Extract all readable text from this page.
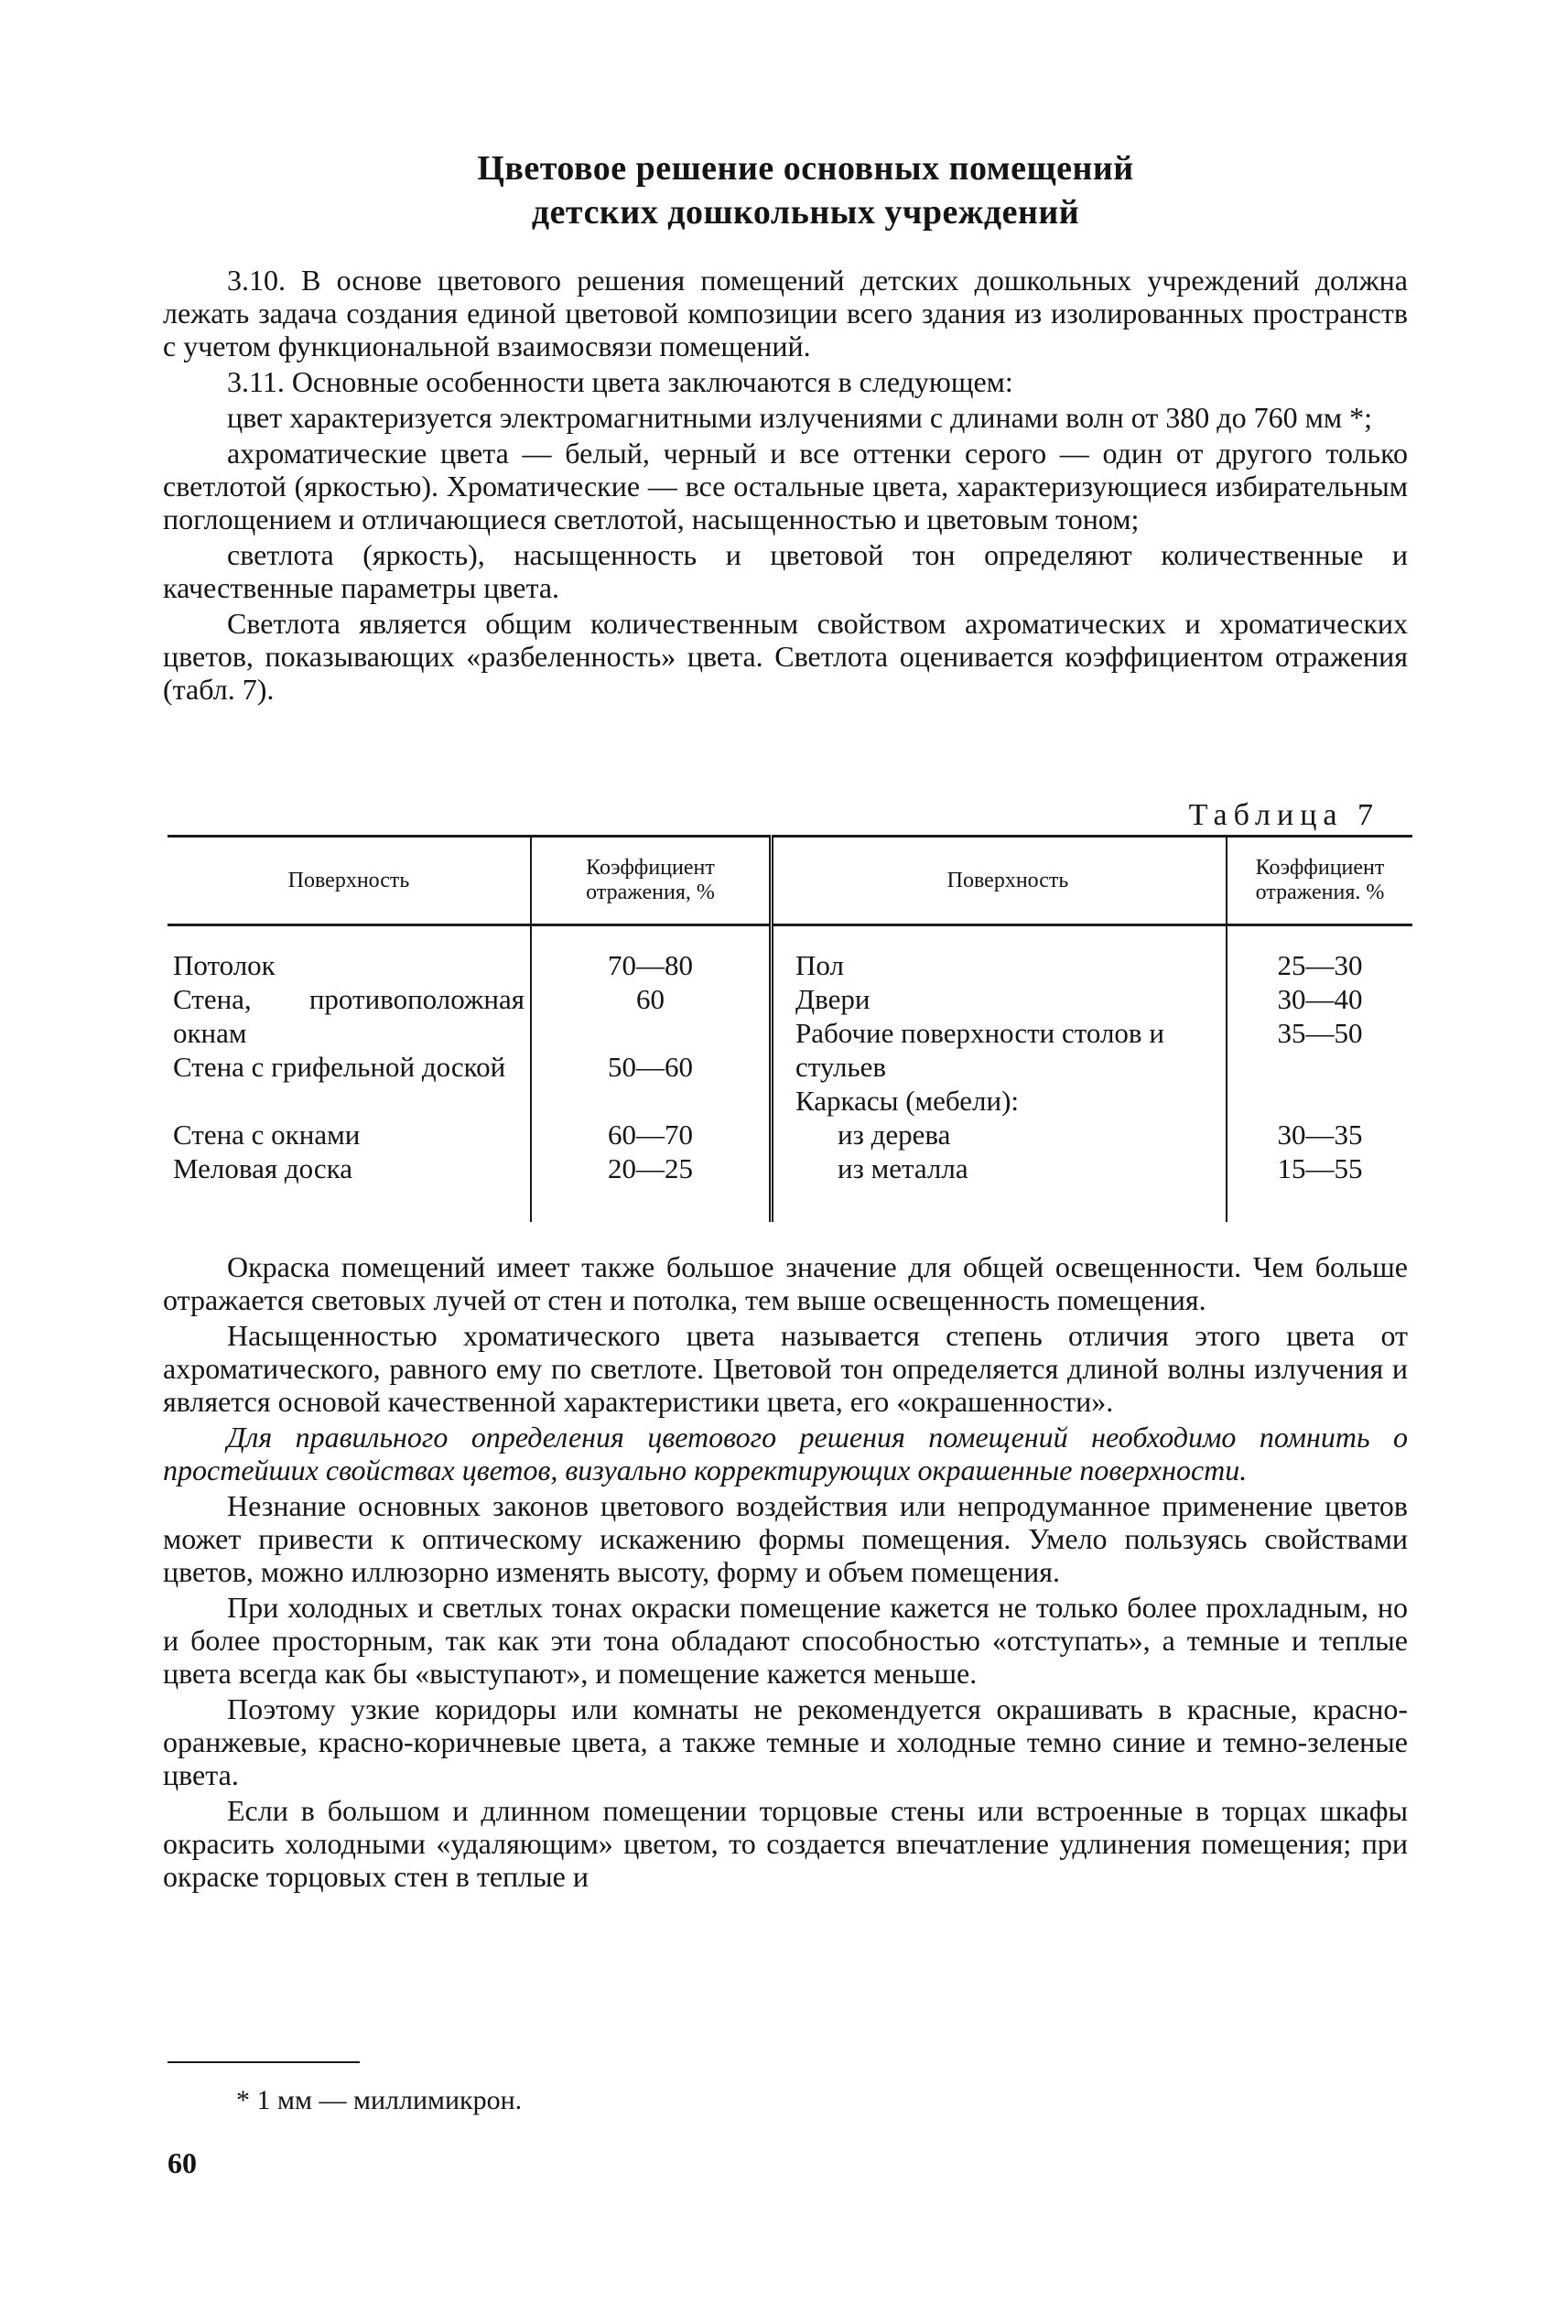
Цветовое решение основных помещений
детских дошкольных учреждений

3.10. В основе цветового решения помещений детских дошкольных учреждений должна лежать задача создания единой цветовой композиции всего здания из изолированных пространств с учетом функциональной взаимосвязи помещений.

3.11. Основные особенности цвета заключаются в следующем:

цвет характеризуется электромагнитными излучениями с длинами волн от 380 до 760 мм *;

ахроматические цвета — белый, черный и все оттенки серого — один от другого только светлотой (яркостью). Хроматические — все остальные цвета, характеризующиеся избирательным поглощением и отличающиеся светлотой, насыщенностью и цветовым тоном;

светлота (яркость), насыщенность и цветовой тон определяют количественные и качественные параметры цвета.

Светлота является общим количественным свойством ахроматических и хроматических цветов, показывающих «разбеленность» цвета. Светлота оценивается коэффициентом отражения (табл. 7).

Таблица 7
Поверхность	Коэффициент отражения, %	Поверхность	Коэффициент отражения. %
Потолок	70—80	Пол	25—30
Стена, противоположная окнам	60	Двери	30—40
		Рабочие поверхности столов и стульев	35—50
Стена с грифельной доской	50—60		
		Каркасы (мебели):	
Стена с окнами	60—70	из дерева	30—35
Меловая доска	20—25	из металла	15—55

Окраска помещений имеет также большое значение для общей освещенности. Чем больше отражается световых лучей от стен и потолка, тем выше освещенность помещения.

Насыщенностью хроматического цвета называется степень отличия этого цвета от ахроматического, равного ему по светлоте. Цветовой тон определяется длиной волны излучения и является основой качественной характеристики цвета, его «окрашенности».

Для правильного определения цветового решения помещений необходимо помнить о простейших свойствах цветов, визуально корректирующих окрашенные поверхности.

Незнание основных законов цветового воздействия или непродуманное применение цветов может привести к оптическому искажению формы помещения. Умело пользуясь свойствами цветов, можно иллюзорно изменять высоту, форму и объем помещения.

При холодных и светлых тонах окраски помещение кажется не только более прохладным, но и более просторным, так как эти тона обладают способностью «отступать», а темные и теплые цвета всегда как бы «выступают», и помещение кажется меньше.

Поэтому узкие коридоры или комнаты не рекомендуется окрашивать в красные, красно-оранжевые, красно-коричневые цвета, а также темные и холодные темно синие и темно-зеленые цвета.

Если в большом и длинном помещении торцовые стены или встроенные в торцах шкафы окрасить холодными «удаляющим» цветом, то создается впечатление удлинения помещения; при окраске торцовых стен в теплые и

* 1 мм — миллимикрон.
60
